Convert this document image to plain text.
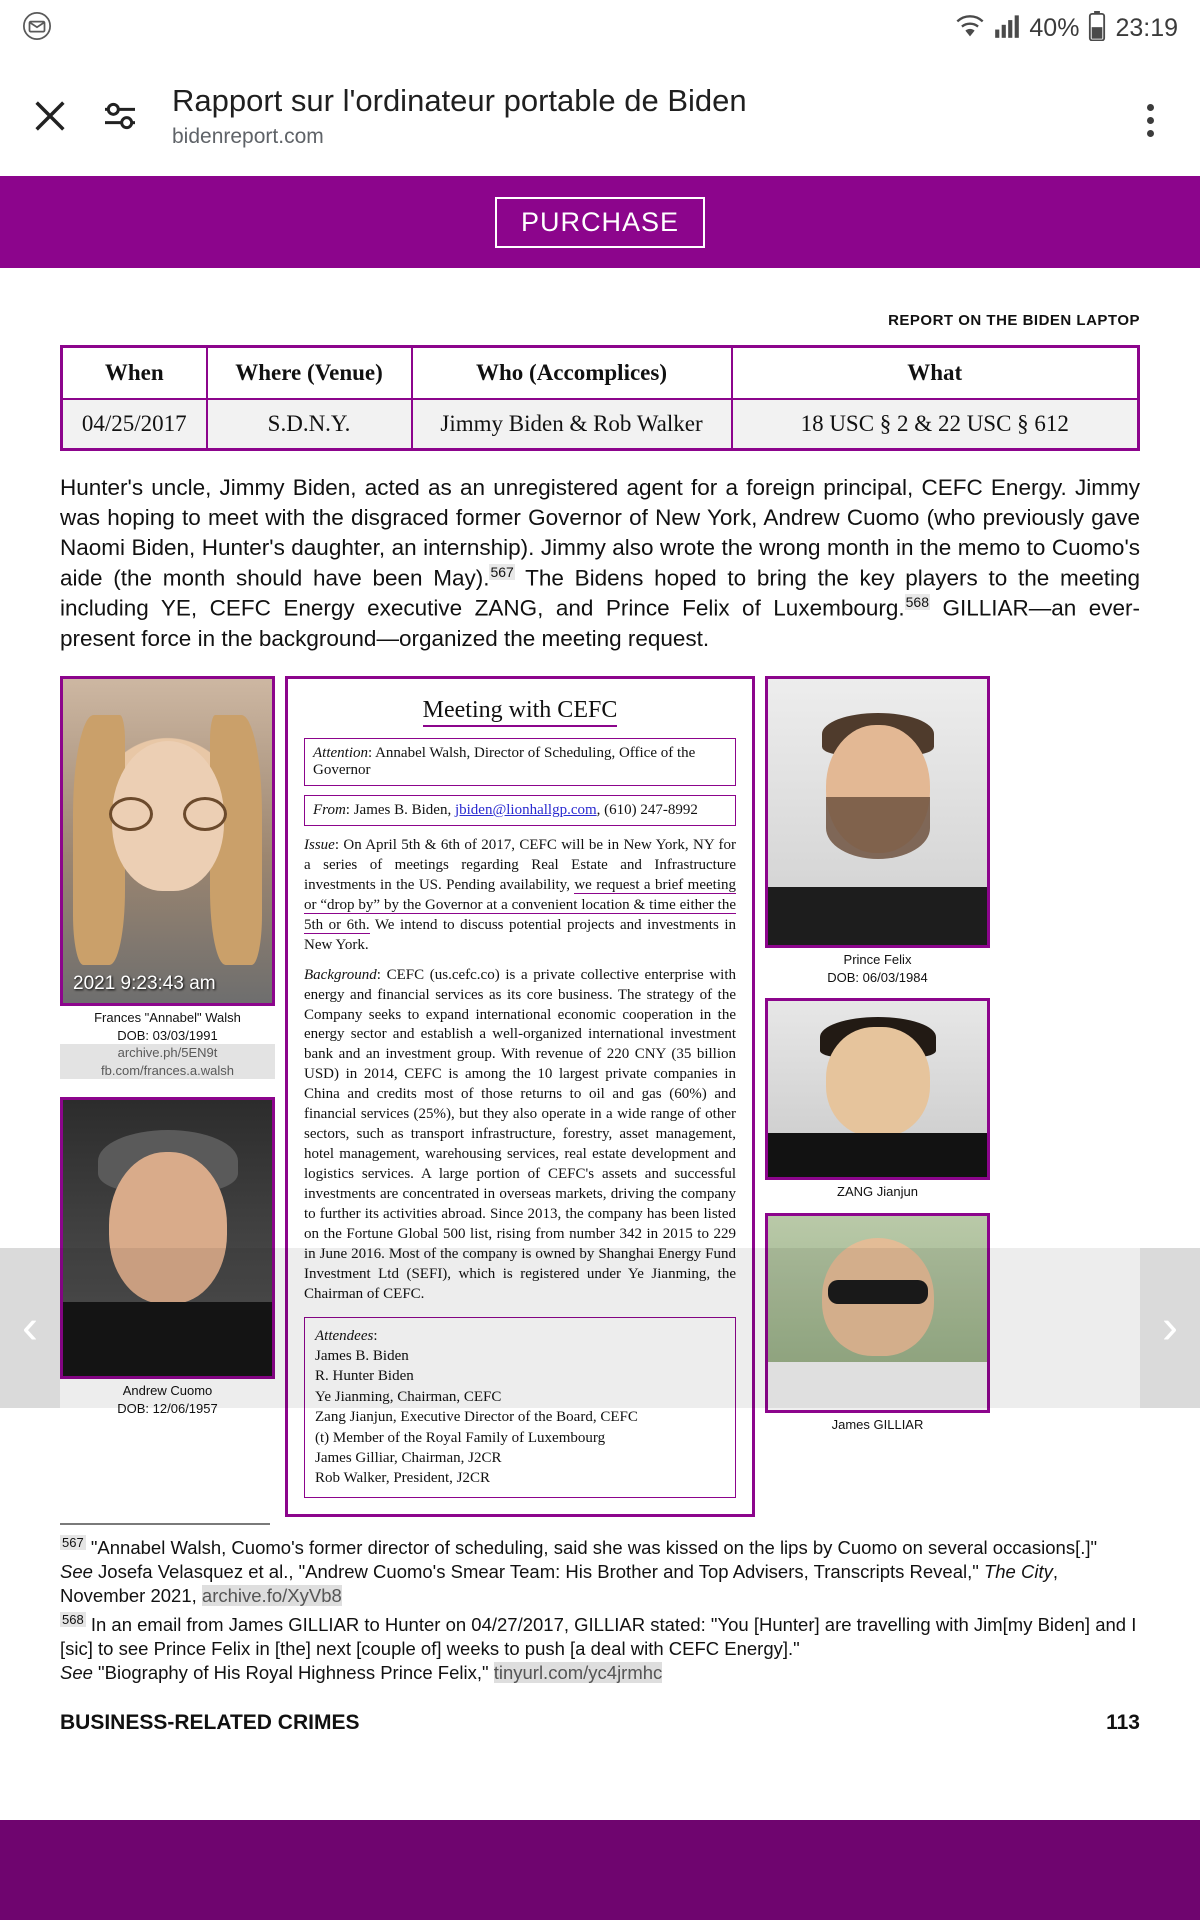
40% 23:19
Rapport sur l'ordinateur portable de Biden
bidenreport.com
PURCHASE
REPORT ON THE BIDEN LAPTOP
When	Where (Venue)	Who (Accomplices)	What
04/25/2017	S.D.N.Y.	Jimmy Biden & Rob Walker	18 USC § 2 & 22 USC § 612

Hunter's uncle, Jimmy Biden, acted as an unregistered agent for a foreign principal, CEFC Energy. Jimmy was hoping to meet with the disgraced former Governor of New York, Andrew Cuomo (who previously gave Naomi Biden, Hunter's daughter, an internship). Jimmy also wrote the wrong month in the memo to Cuomo's aide (the month should have been May).$^{567}$ The Bidens hoped to bring the key players to the meeting including YE, CEFC Energy executive ZANG, and Prince Felix of Luxembourg.$^{568}$ GILLIAR—an ever-present force in the background—organized the meeting request.

2021 9:23:43 am
Frances "Annabel" Walsh
DOB: 03/03/1991
archive.ph/5EN9t
fb.com/frances.a.walsh
Andrew Cuomo
DOB: 12/06/1957
Meeting with CEFC
Attention: Annabel Walsh, Director of Scheduling, Office of the Governor
From: James B. Biden, jbiden@lionhallgp.com, (610) 247-8992

Issue: On April 5th & 6th of 2017, CEFC will be in New York, NY for a series of meetings regarding Real Estate and Infrastructure investments in the US. Pending availability, we request a brief meeting or “drop by” by the Governor at a convenient location & time either the 5th or 6th. We intend to discuss potential projects and investments in New York.

Background: CEFC (us.cefc.co) is a private collective enterprise with energy and financial services as its core business. The strategy of the Company seeks to expand international economic cooperation in the energy sector and establish a well-organized international investment bank and an investment group. With revenue of 220 CNY (35 billion USD) in 2014, CEFC is among the 10 largest private companies in China and credits most of those returns to oil and gas (60%) and financial services (25%), but they also operate in a wide range of other sectors, such as transport infrastructure, forestry, asset management, hotel management, warehousing services, real estate development and logistics services. A large portion of CEFC's assets and successful investments are concentrated in overseas markets, driving the company to further its activities abroad. Since 2013, the company has been listed on the Fortune Global 500 list, rising from number 342 in 2015 to 229 in June 2016. Most of the company is owned by Shanghai Energy Fund Investment Ltd (SEFI), which is registered under Ye Jianming, the Chairman of CEFC.

Attendees:
James B. Biden
R. Hunter Biden
Ye Jianming, Chairman, CEFC
Zang Jianjun, Executive Director of the Board, CEFC
(t) Member of the Royal Family of Luxembourg
James Gilliar, Chairman, J2CR
Rob Walker, President, J2CR
Prince Felix
DOB: 06/03/1984
ZANG Jianjun
James GILLIAR
$^{567}$ "Annabel Walsh, Cuomo's former director of scheduling, said she was kissed on the lips by Cuomo on several occasions[.]"
See Josefa Velasquez et al., "Andrew Cuomo's Smear Team: His Brother and Top Advisers, Transcripts Reveal," The City, November 2021, archive.fo/XyVb8
$^{568}$ In an email from James GILLIAR to Hunter on 04/27/2017, GILLIAR stated: "You [Hunter] are travelling with Jim[my Biden] and I [sic] to see Prince Felix in [the] next [couple of] weeks to push [a deal with CEFC Energy]."
See "Biography of His Royal Highness Prince Felix," tinyurl.com/yc4jrmhc
BUSINESS-RELATED CRIMES	113
‹	›
